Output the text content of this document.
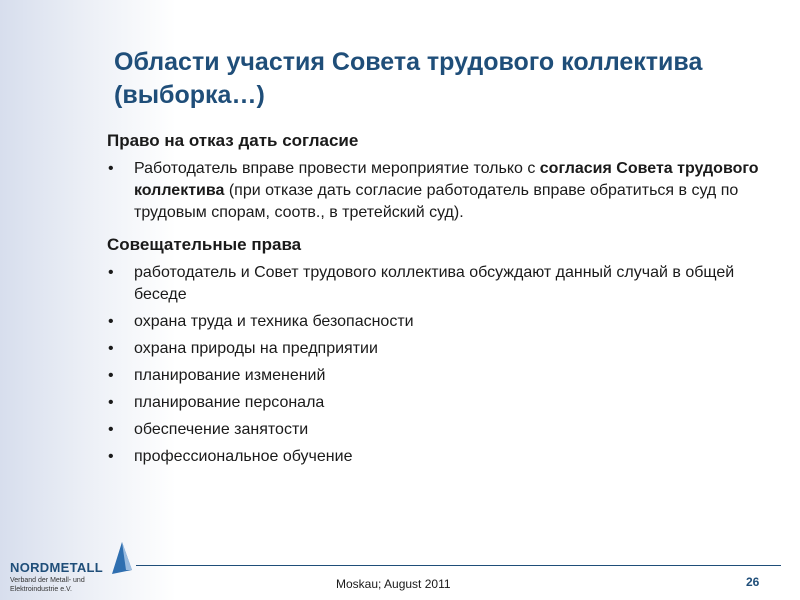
Области участия Совета трудового коллектива (выборка…)
Право на отказ дать согласие
• Работодатель вправе провести мероприятие только с согласия Совета трудового коллектива (при отказе дать согласие работодатель вправе обратиться в суд по трудовым спорам, соотв., в третейский суд).
Совещательные права
• работодатель и Совет трудового коллектива обсуждают данный случай в общей беседе
• охрана труда и техника безопасности
• охрана природы на предприятии
• планирование изменений
• планирование персонала
• обеспечение занятости
• профессиональное обучение
NORDMETALL
Verband der Metall- und Elektroindustrie e.V.	Moskau; August 2011	26
